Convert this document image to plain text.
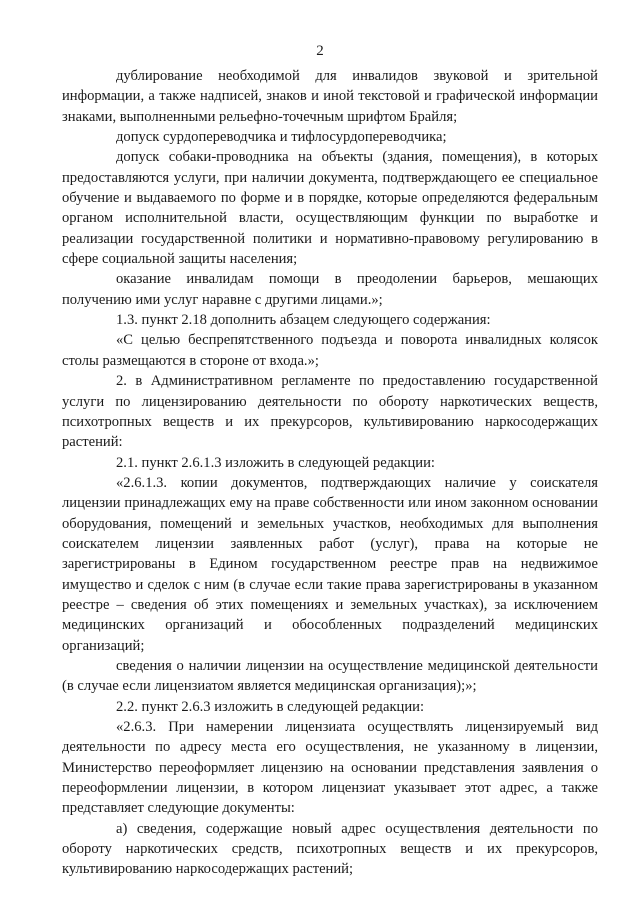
2

дублирование необходимой для инвалидов звуковой и зрительной информации, а также надписей, знаков и иной текстовой и графической информации знаками, выполненными рельефно-точечным шрифтом Брайля;

допуск сурдопереводчика и тифлосурдопереводчика;

допуск собаки-проводника на объекты (здания, помещения), в которых предоставляются услуги, при наличии документа, подтверждающего ее специальное обучение и выдаваемого по форме и в порядке, которые определяются федеральным органом исполнительной власти, осуществляющим функции по выработке и реализации государственной политики и нормативно-правовому регулированию в сфере социальной защиты населения;

оказание инвалидам помощи в преодолении барьеров, мешающих получению ими услуг наравне с другими лицами.»;

1.3. пункт 2.18 дополнить абзацем следующего содержания:

«С целью беспрепятственного подъезда и поворота инвалидных колясок столы размещаются в стороне от входа.»;

2. в Административном регламенте по предоставлению государственной услуги по лицензированию деятельности по обороту наркотических веществ, психотропных веществ и их прекурсоров, культивированию наркосодержащих растений:

2.1. пункт 2.6.1.3 изложить в следующей редакции:

«2.6.1.3. копии документов, подтверждающих наличие у соискателя лицензии принадлежащих ему на праве собственности или ином законном основании оборудования, помещений и земельных участков, необходимых для выполнения соискателем лицензии заявленных работ (услуг), права на которые не зарегистрированы в Едином государственном реестре прав на недвижимое имущество и сделок с ним (в случае если такие права зарегистрированы в указанном реестре – сведения об этих помещениях и земельных участках), за исключением медицинских организаций и обособленных подразделений медицинских организаций;

сведения о наличии лицензии на осуществление медицинской деятельности (в случае если лицензиатом является медицинская организация);»;

2.2. пункт 2.6.3 изложить в следующей редакции:

«2.6.3. При намерении лицензиата осуществлять лицензируемый вид деятельности по адресу места его осуществления, не указанному в лицензии, Министерство переоформляет лицензию на основании представления заявления о переоформлении лицензии, в котором лицензиат указывает этот адрес, а также представляет следующие документы:

а) сведения, содержащие новый адрес осуществления деятельности по обороту наркотических средств, психотропных веществ и их прекурсоров, культивированию наркосодержащих растений;
